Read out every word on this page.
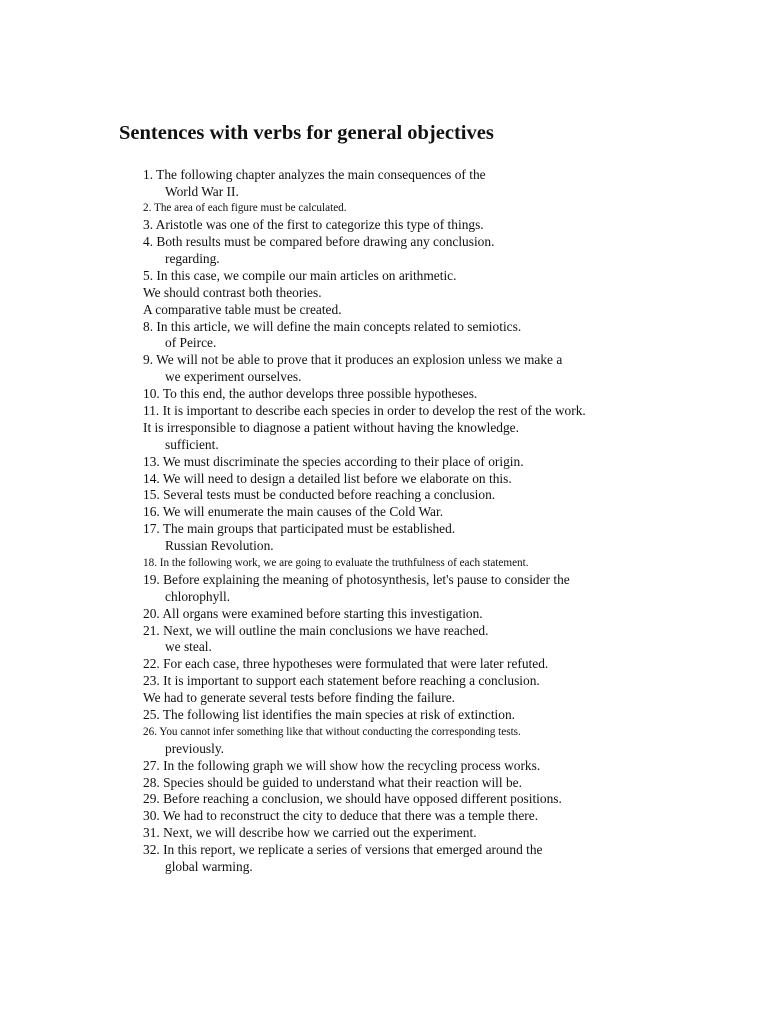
Sentences with verbs for general objectives
1. The following chapter analyzes the main consequences of the
World War II.
2. The area of each figure must be calculated.
3. Aristotle was one of the first to categorize this type of things.
4. Both results must be compared before drawing any conclusion.
regarding.
5. In this case, we compile our main articles on arithmetic.
We should contrast both theories.
A comparative table must be created.
8. In this article, we will define the main concepts related to semiotics.
of Peirce.
9. We will not be able to prove that it produces an explosion unless we make a
we experiment ourselves.
10. To this end, the author develops three possible hypotheses.
11. It is important to describe each species in order to develop the rest of the work.
It is irresponsible to diagnose a patient without having the knowledge.
sufficient.
13. We must discriminate the species according to their place of origin.
14. We will need to design a detailed list before we elaborate on this.
15. Several tests must be conducted before reaching a conclusion.
16. We will enumerate the main causes of the Cold War.
17. The main groups that participated must be established.
Russian Revolution.
18. In the following work, we are going to evaluate the truthfulness of each statement.
19. Before explaining the meaning of photosynthesis, let's pause to consider the
chlorophyll.
20. All organs were examined before starting this investigation.
21. Next, we will outline the main conclusions we have reached.
we steal.
22. For each case, three hypotheses were formulated that were later refuted.
23. It is important to support each statement before reaching a conclusion.
We had to generate several tests before finding the failure.
25. The following list identifies the main species at risk of extinction.
26. You cannot infer something like that without conducting the corresponding tests.
previously.
27. In the following graph we will show how the recycling process works.
28. Species should be guided to understand what their reaction will be.
29. Before reaching a conclusion, we should have opposed different positions.
30. We had to reconstruct the city to deduce that there was a temple there.
31. Next, we will describe how we carried out the experiment.
32. In this report, we replicate a series of versions that emerged around the
global warming.
